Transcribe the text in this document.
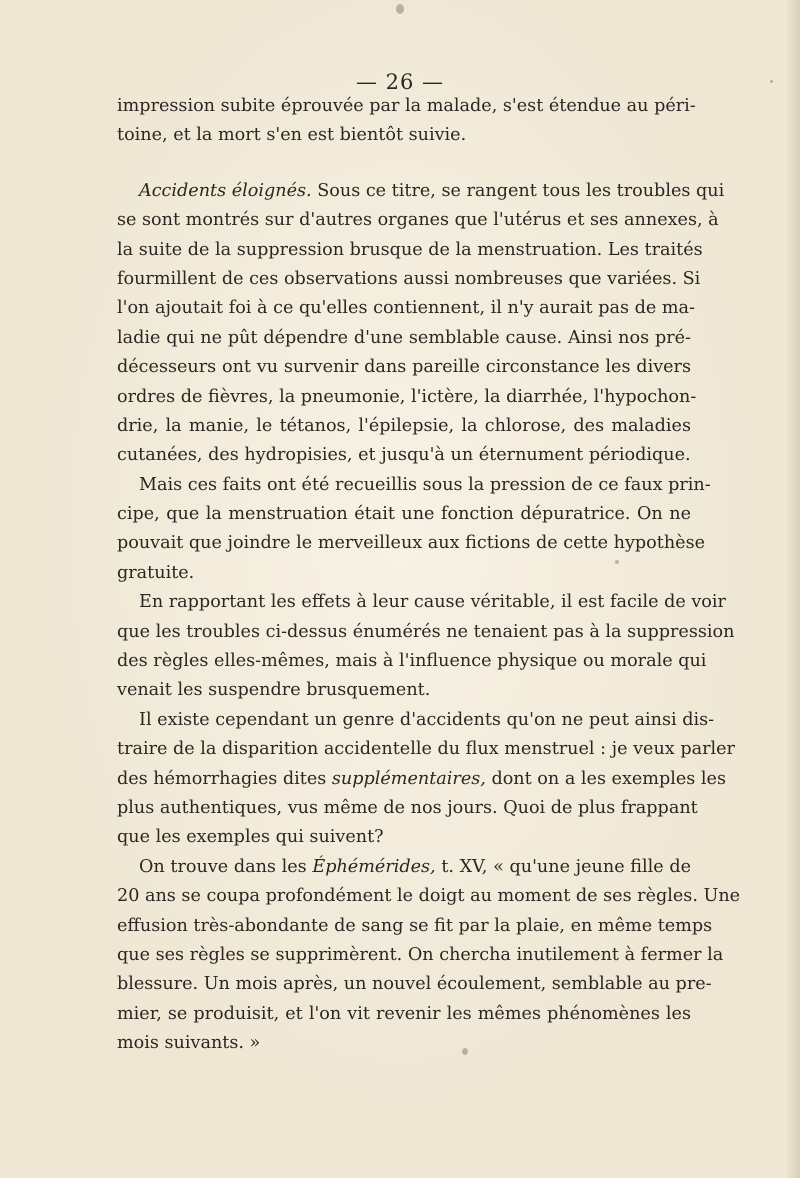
— 26 —
impression subite éprouvée par la malade, s'est étendue au péri-
toine, et la mort s'en est bientôt suivie.
Accidents éloignés. Sous ce titre, se rangent tous les troubles qui
se sont montrés sur d'autres organes que l'utérus et ses annexes, à
la suite de la suppression brusque de la menstruation. Les traités
fourmillent de ces observations aussi nombreuses que variées. Si
l'on ajoutait foi à ce qu'elles contiennent, il n'y aurait pas de ma-
ladie qui ne pût dépendre d'une semblable cause. Ainsi nos pré-
décesseurs ont vu survenir dans pareille circonstance les divers
ordres de fièvres, la pneumonie, l'ictère, la diarrhée, l'hypochon-
drie, la manie, le tétanos, l'épilepsie, la chlorose, des maladies
cutanées, des hydropisies, et jusqu'à un éternument périodique.
Mais ces faits ont été recueillis sous la pression de ce faux prin-
cipe, que la menstruation était une fonction dépuratrice. On ne
pouvait que joindre le merveilleux aux fictions de cette hypothèse
gratuite.
En rapportant les effets à leur cause véritable, il est facile de voir
que les troubles ci-dessus énumérés ne tenaient pas à la suppression
des règles elles-mêmes, mais à l'influence physique ou morale qui
venait les suspendre brusquement.
Il existe cependant un genre d'accidents qu'on ne peut ainsi dis-
traire de la disparition accidentelle du flux menstruel : je veux parler
des hémorrhagies dites supplémentaires, dont on a les exemples les
plus authentiques, vus même de nos jours. Quoi de plus frappant
que les exemples qui suivent?
On trouve dans les Éphémérides, t. XV, « qu'une jeune fille de
20 ans se coupa profondément le doigt au moment de ses règles. Une
effusion très-abondante de sang se fit par la plaie, en même temps
que ses règles se supprimèrent. On chercha inutilement à fermer la
blessure. Un mois après, un nouvel écoulement, semblable au pre-
mier, se produisit, et l'on vit revenir les mêmes phénomènes les
mois suivants. »
